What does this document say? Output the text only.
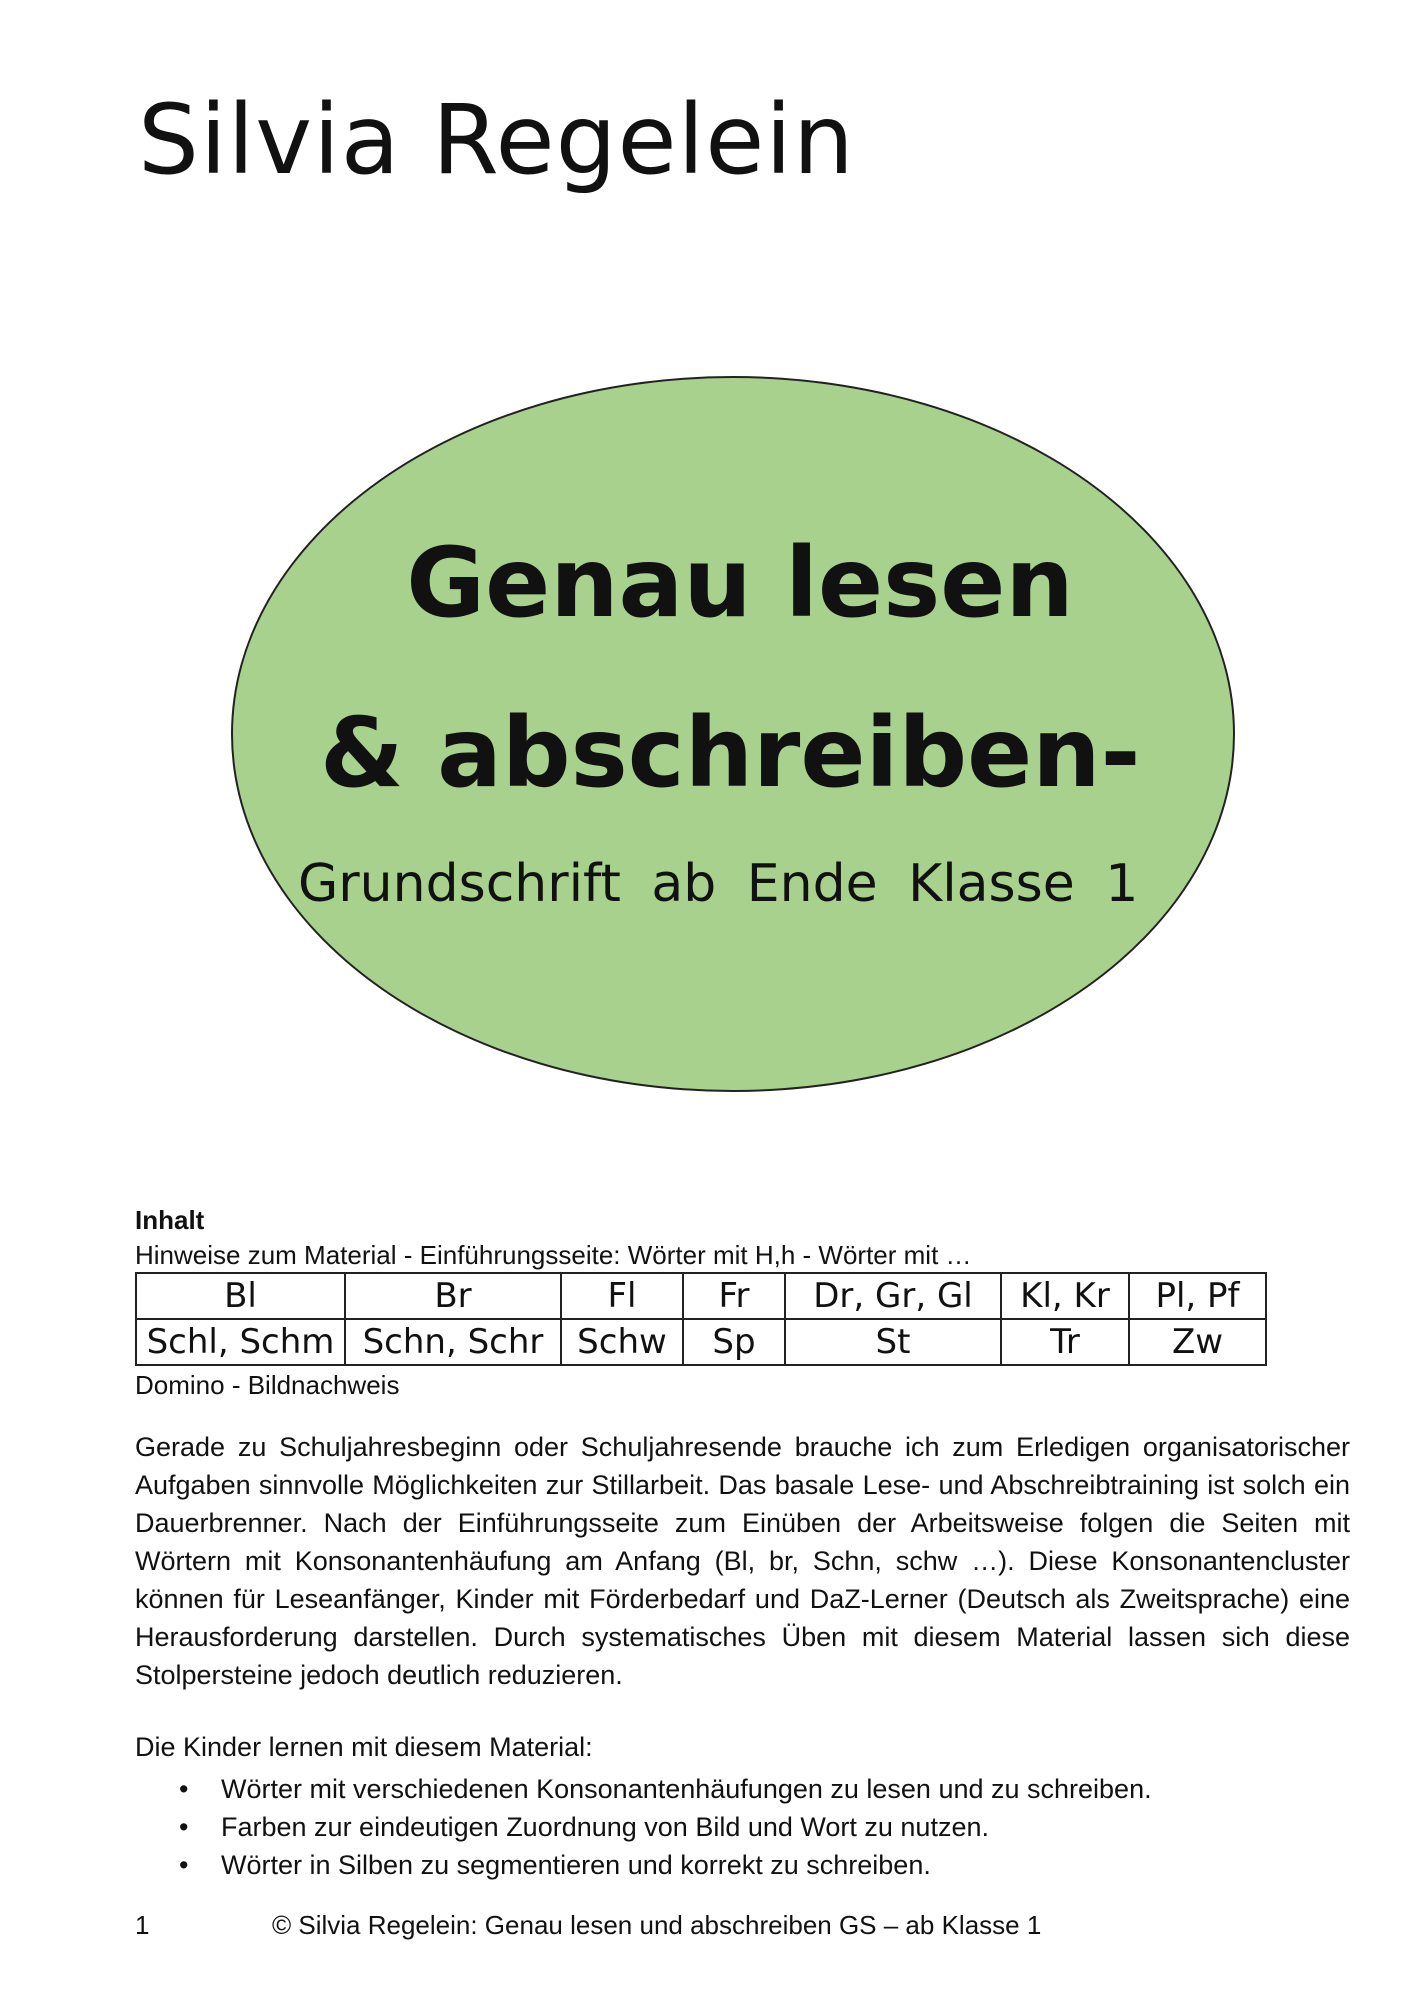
Silvia Regelein
Genau lesen
& abschreiben-
Grundschrift ab Ende Klasse 1
Inhalt
Hinweise zum Material - Einführungsseite: Wörter mit H,h - Wörter mit …
Bl	Br	Fl	Fr	Dr, Gr, Gl	Kl, Kr	Pl, Pf
Schl, Schm	Schn, Schr	Schw	Sp	St	Tr	Zw
Domino - Bildnachweis

Gerade zu Schuljahresbeginn oder Schuljahresende brauche ich zum Erledigen organisatorischer Aufgaben sinnvolle Möglichkeiten zur Stillarbeit. Das basale Lese- und Abschreibtraining ist solch ein Dauerbrenner. Nach der Einführungsseite zum Einüben der Arbeitsweise folgen die Seiten mit Wörtern mit Konsonantenhäufung am Anfang (Bl, br, Schn, schw …). Diese Konsonantencluster können für Leseanfänger, Kinder mit Förderbedarf und DaZ-Lerner (Deutsch als Zweitsprache) eine Herausforderung darstellen. Durch systematisches Üben mit diesem Material lassen sich diese Stolpersteine jedoch deutlich reduzieren.

Die Kinder lernen mit diesem Material:
• Wörter mit verschiedenen Konsonantenhäufungen zu lesen und zu schreiben.
• Farben zur eindeutigen Zuordnung von Bild und Wort zu nutzen.
• Wörter in Silben zu segmentieren und korrekt zu schreiben.
1	© Silvia Regelein: Genau lesen und abschreiben GS – ab Klasse 1
